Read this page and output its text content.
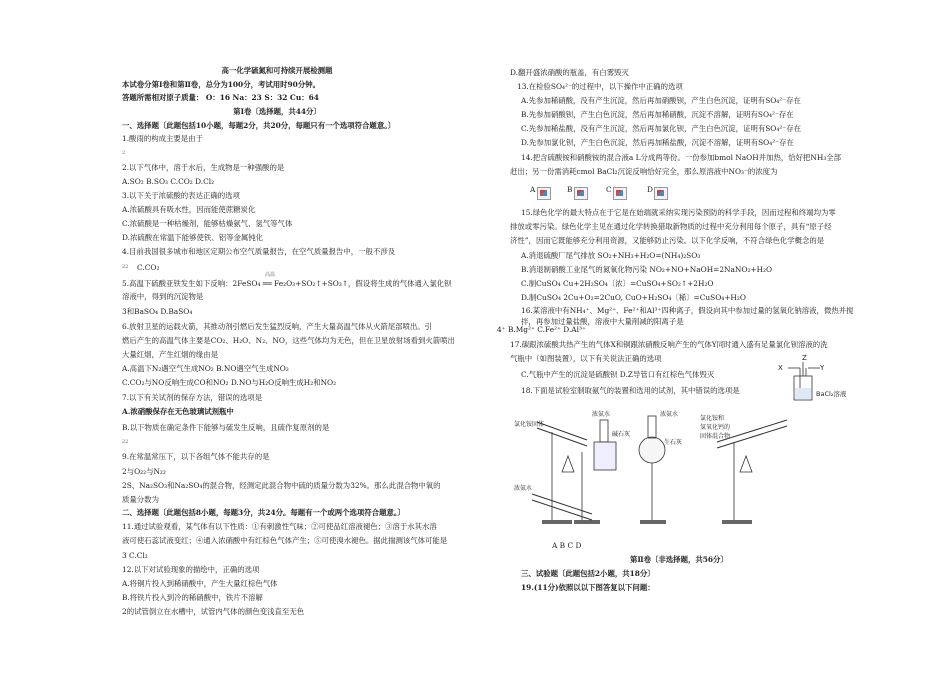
高一化学硫氮和可持续开展检测题

本试卷分第Ⅰ卷和第Ⅱ卷，总分为100分，考试用时90分钟。

答题所需相对原子质量： O：16 Na：23 S：32 Cu：64

第Ⅰ卷〔选择题，共44分〕

一、选择题〔此题包括10小题，每题2分，共20分，每题只有一个选项符合题意。〕

1.酸雨的构成主要是由于

2

2.以下气体中，溶于水后，生成物是一种强酸的是

A.SO₂ B.SO₃ C.CO₂ D.Cl₂

3.以下关于浓硫酸的表达正确的选项

A.浓硫酸具有吸水性，因而能使蔗糖炭化

C.浓硫酸是一种枯燥剂，能够枯燥氨气、氢气等气体

D.浓硫酸在常温下能够使铁、铝等金属钝化

4.目前我国很多城市和地区定期公布空气质量报告，在空气质量报告中，一般不涉及

22 C.CO₂

5.高温下硫酸亚铁发生如下反响：2FeSO₄ ══ Fe₂O₃+SO₂↑+SO₃↑，假设将生成的气体通入氯化钡

高温

溶液中，得到的沉淀物是

3和BaSO₄ D.BaSO₄

6.放射卫星的运载火箭，其推动剂引燃后发生猛烈反响，产生大量高温气体从火箭尾部喷出。引

燃后产生的高温气体主要是CO₂、H₂O、N₂、NO，这些气体均为无色，但在卫星放射场看到火箭喷出

大量红烟，产生红烟的缘由是

A.高温下N₂遇空气生成NO₂ B.NO遇空气生成NO₂

C.CO₂与NO反响生成CO和NO₂ D.NO与H₂O反响生成H₂和NO₂

7.以下有关试剂的保存方法，错误的选项是

A.浓硝酸保存在无色玻璃试剂瓶中

B.以下物质在确定条件下能够与硫发生反响，且硫作复原剂的是

22

9.在常温常压下，以下各组气体不能共存的是

2与O₂₂与N₂₂

2S、Na₂SO₃和Na₂SO₄的混合物，经测定此混合物中硫的质量分数为32%。那么此混合物中氧的

质量分数为

二、选择题〔此题包括8小题，每题3分，共24分。每题有一个或两个选项符合题意。〕

11.通过试验观看，某气体有以下性质：①有刺激性气味；②可使品红溶液褪色；③溶于水其水溶

液可使石蕊试液变红；④通入浓硝酸中有红棕色气体产生；⑤可使溴水褪色。据此揣测该气体可能是

3 C.Cl₂

12.以下对试验现象的描绘中，正确的选项

A.将铜片投入到稀硝酸中，产生大量红棕色气体

B.将铁片投入到冷的稀硝酸中，铁片不溶解

2的试管倒立在水槽中，试管内气体的颜色变浅直至无色

D.翻开盛浓硝酸的瓶盖，有白雾毁灭

13.在检验SO₄²⁻的过程中，以下操作中正确的选项

A.先参加稀硝酸，没有产生沉淀，然后再加硝酸钡，产生白色沉淀，证明有SO₄²⁻存在

B.先参加硝酸钡，产生白色沉淀，然后再加稀硝酸，沉淀不溶解，证明有SO₄²⁻存在

C.先参加稀盐酸，没有产生沉淀，然后再加氯化钡，产生白色沉淀，证明有SO₄²⁻存在

D.先参加氯化钡，产生白色沉淀，然后再加稀盐酸，沉淀不溶解，证明有SO₄²⁻存在

14.把含硫酸铵和硝酸铵的混合液a L分成两等份。一份参加bmol NaOH并加热，恰好把NH₃全部

赶出；另一份需消耗cmol BaCl₂沉淀反响恰好完全，那么原溶液中NO₃⁻的浓度为

A	B	C	D

15.绿色化学的最大特点在于它是在始端就采纳实现污染预防的科学手段，因而过程和终端均为零

排放或零污染。绿色化学主见在通过化学转换猎取新物质的过程中充分利用每个原子，具有“原子经

济性”，因而它既能够充分利用资源，又能够防止污染。以下化学反响，不符合绿色化学概念的是

A.消退硫酸厂尾气排放 SO₂+NH₃+H₂O=(NH₄)₂SO₃

B.消退制硝酸工业尾气的氮氧化物污染 NO₂+NO+NaOH=2NaNO₂+H₂O

C.制CuSO₄ Cu+2H₂SO₄〔浓〕=CuSO₄+SO₂↑+2H₂O

D.制CuSO₄ 2Cu+O₂=2CuO, CuO+H₂SO₄〔稀〕=CuSO₄+H₂O

16.某溶液中有NH₄⁺、Mg²⁺、Fe²⁺和Al³⁺四种离子，假设向其中参加过量的氢氧化钠溶液，微热并搅

拌，再参加过量盐酸，溶液中大量削减的阳离子是

4⁺ B.Mg²⁺ C.Fe²⁺ D.Al³⁺

17.碳跟浓硫酸共热产生的气体X和铜跟浓硝酸反响产生的气体Y同时通入盛有足量氯化钡溶液的洗

气瓶中（如图装置），以下有关说法正确的选项

C.气瓶中产生的沉淀是硫酸钡 D.Z导管口有红棕色气体毁灭

18.下面是试验室制取氨气的装置和选用的试剂，其中错误的选项是

A B C D

第Ⅱ卷〔非选择题，共56分〕

三、试验题〔此题包括2小题，共18分〕

19.(11分)依照以以下图答复以下问题：

Z
X	Y
BaCl₂溶液
氯化铵固体
浓氨水
碱石灰
浓氨水
生石灰
氯化铵和
氢氧化钙的
固体混合物
浓氨水
